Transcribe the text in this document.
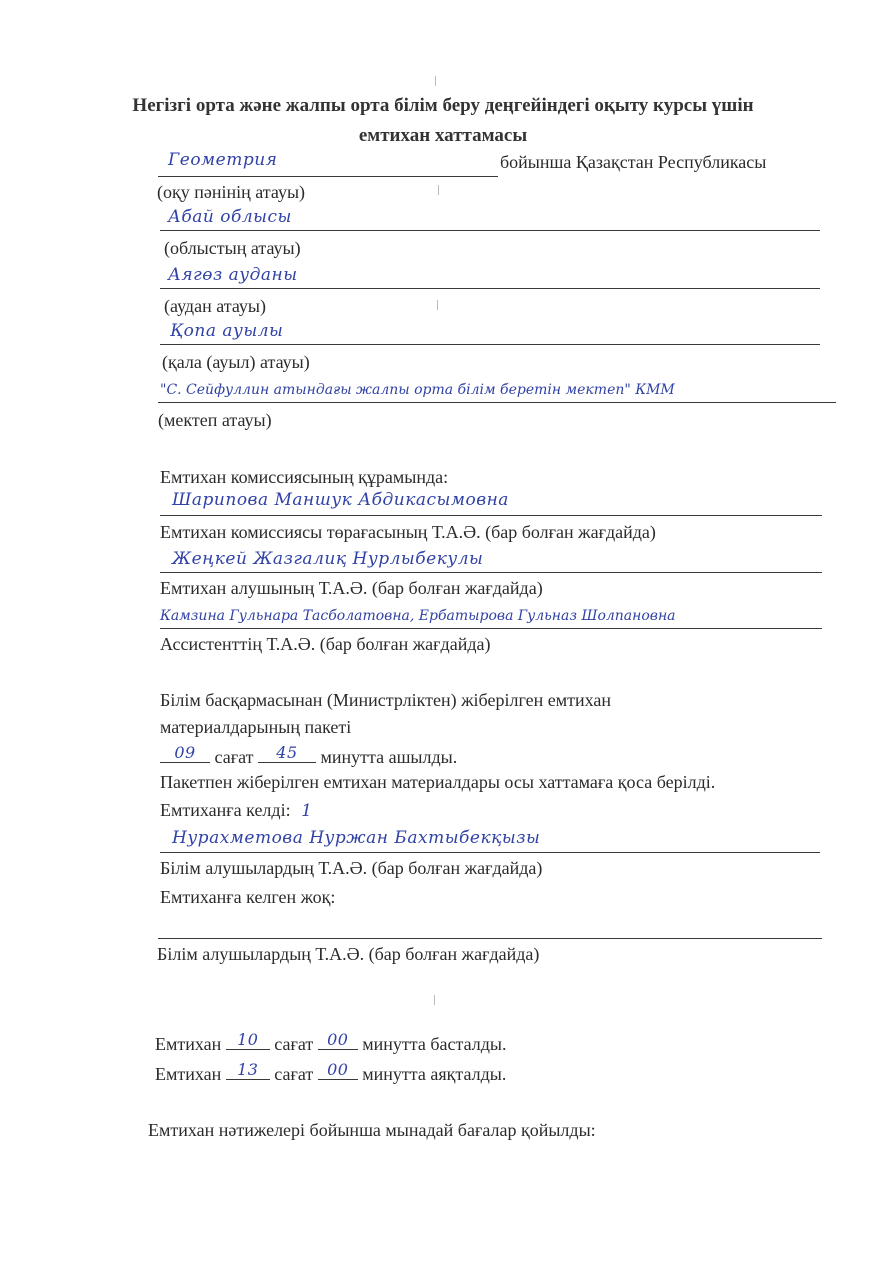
Негізгі орта және жалпы орта білім беру деңгейіндегі оқыту курсы үшін
емтихан хаттамасы
Геометрия	бойынша Қазақстан Республикасы
(оқу пәнінің атауы)
Абай облысы
(облыстың атауы)
Аягөз ауданы
(аудан атауы)
Қопа ауылы
(қала (ауыл) атауы)
"С. Сейфуллин атындағы жалпы орта білім беретін мектеп" КММ
(мектеп атауы)
Емтихан комиссиясының құрамында:
Шарипова Маншук Абдикасымовна
Емтихан комиссиясы төрағасының Т.А.Ә. (бар болған жағдайда)
Жеңкей Жазгалиқ Нурлыбекулы
Емтихан алушының Т.А.Ә. (бар болған жағдайда)
Камзина Гульнара Тасболатовна, Ербатырова Гульназ Шолпановна
Ассистенттің Т.А.Ә. (бар болған жағдайда)
Білім басқармасынан (Министрліктен) жіберілген емтихан
материалдарының пакеті
09	сағат	45	минутта ашылды.
Пакетпен жіберілген емтихан материалдары осы хаттамаға қоса берілді.
Емтиханға келді: 1
Нурахметова Нуржан Бахтыбекқызы
Білім алушылардың Т.А.Ә. (бар болған жағдайда)
Емтиханға келген жоқ:
Білім алушылардың Т.А.Ә. (бар болған жағдайда)
Емтихан 10 сағат 00 минутта басталды.
Емтихан 13 сағат 00 минутта аяқталды.
Емтихан нәтижелері бойынша мынадай бағалар қойылды:
